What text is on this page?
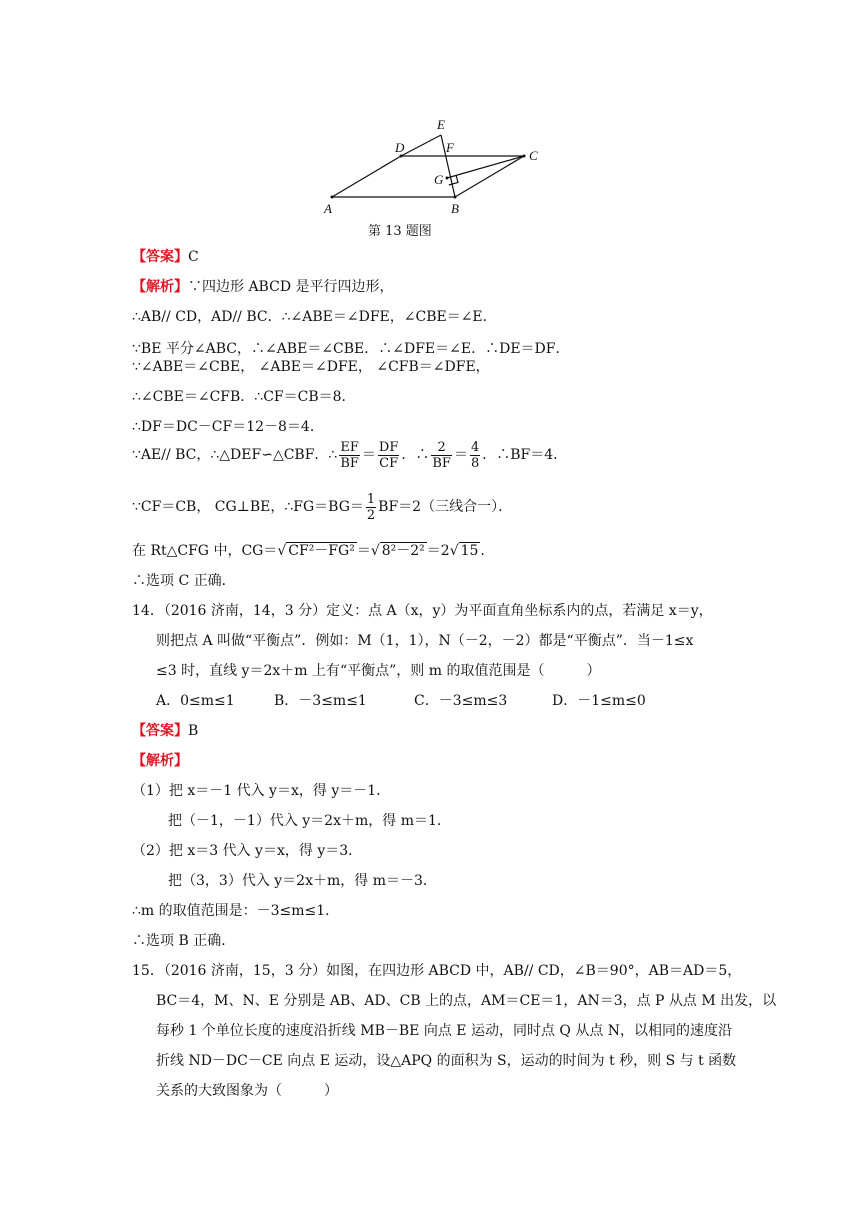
A	B
C
D
E
F
G
第 13 题图
【答案】C
【解析】∵四边形 ABCD 是平行四边形，
∴AB// CD，AD// BC．∴∠ABE＝∠DFE，∠CBE＝∠E．
∵BE 平分∠ABC，∴∠ABE＝∠CBE．∴∠DFE＝∠E．∴DE＝DF．
∵∠ABE＝∠CBE， ∠ABE＝∠DFE， ∠CFB＝∠DFE，
∴∠CBE＝∠CFB．∴CF＝CB＝8．
∴DF＝DC－CF＝12－8＝4．
∵AE// BC，∴△DEF∽△CBF．∴ $\frac{EF}{BF} = \frac{DF}{CF}$ ．∴ $\frac{2}{BF} = \frac{4}{8}$ ．∴BF＝4．
∵CF＝CB， CG⊥BE，∴FG＝BG＝ $\frac{1}{2} BF=2$（三线合一）．
在 Rt△CFG 中，CG＝√ CF²－FG² ＝√ 8²－2² ＝2√ 15 ．
∴选项 C 正确．
14．（2016 济南，14，3 分）定义：点 A（x，y）为平面直角坐标系内的点，若满足 x＝y，
则把点 A 叫做“平衡点”．例如：M（1，1），N（－2，－2）都是“平衡点”．当－1≤x
≤3 时，直线 y＝2x＋m 上有“平衡点”，则 m 的取值范围是（　　　）
A．0≤m≤1	B．－3≤m≤1	C．－3≤m≤3	D．－1≤m≤0
【答案】B
【解析】
（1）把 x＝－1 代入 y＝x，得 y＝－1．
把（－1，－1）代入 y＝2x＋m，得 m＝1．
（2）把 x＝3 代入 y＝x，得 y＝3．
把（3，3）代入 y＝2x＋m，得 m＝－3．
∴m 的取值范围是：－3≤m≤1．
∴选项 B 正确．
15．（2016 济南，15，3 分）如图，在四边形 ABCD 中，AB// CD，∠B＝90°，AB＝AD＝5，
BC＝4，M、N、E 分别是 AB、AD、CB 上的点，AM＝CE＝1，AN＝3，点 P 从点 M 出发，以
每秒 1 个单位长度的速度沿折线 MB－BE 向点 E 运动，同时点 Q 从点 N，以相同的速度沿
折线 ND－DC－CE 向点 E 运动，设△APQ 的面积为 S，运动的时间为 t 秒，则 S 与 t 函数
关系的大致图象为（　　　）
